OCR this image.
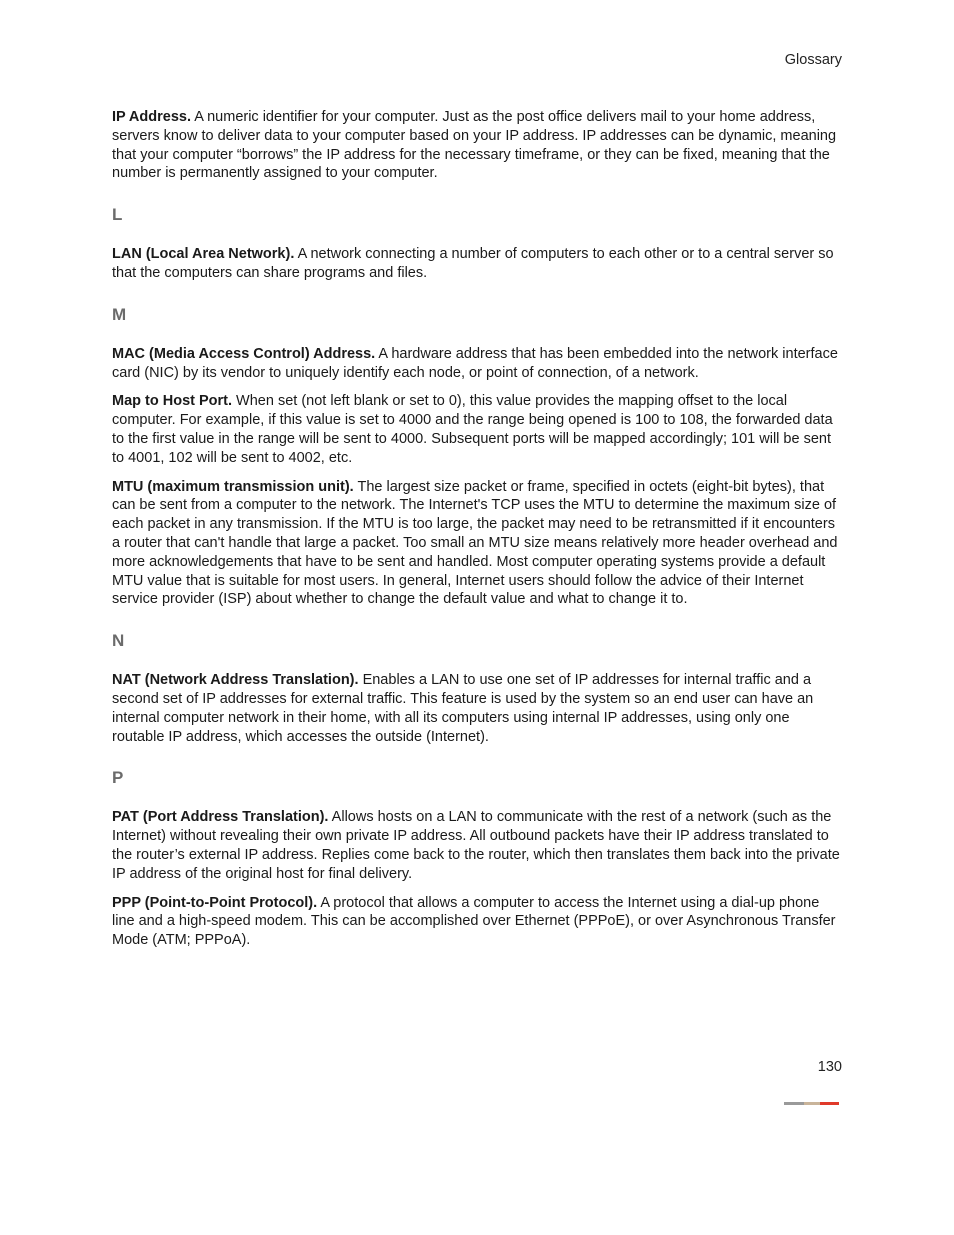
Glossary

IP Address. A numeric identifier for your computer. Just as the post office delivers mail to your home address, servers know to deliver data to your computer based on your IP address. IP addresses can be dynamic, meaning that your computer “borrows” the IP address for the necessary timeframe, or they can be fixed, meaning that the number is permanently assigned to your computer.

L

LAN (Local Area Network). A network connecting a number of computers to each other or to a central server so that the computers can share programs and files.

M

MAC (Media Access Control) Address. A hardware address that has been embedded into the network interface card (NIC) by its vendor to uniquely identify each node, or point of connection, of a network.

Map to Host Port. When set (not left blank or set to 0), this value provides the mapping offset to the local computer. For example, if this value is set to 4000 and the range being opened is 100 to 108, the forwarded data to the first value in the range will be sent to 4000. Subsequent ports will be mapped accordingly; 101 will be sent to 4001, 102 will be sent to 4002, etc.

MTU (maximum transmission unit). The largest size packet or frame, specified in octets (eight-bit bytes), that can be sent from a computer to the network. The Internet's TCP uses the MTU to determine the maximum size of each packet in any transmission. If the MTU is too large, the packet may need to be retransmitted if it encounters a router that can't handle that large a packet. Too small an MTU size means relatively more header overhead and more acknowledgements that have to be sent and handled. Most computer operating systems provide a default MTU value that is suitable for most users. In general, Internet users should follow the advice of their Internet service provider (ISP) about whether to change the default value and what to change it to.

N

NAT (Network Address Translation). Enables a LAN to use one set of IP addresses for internal traffic and a second set of IP addresses for external traffic. This feature is used by the system so an end user can have an internal computer network in their home, with all its computers using internal IP addresses, using only one routable IP address, which accesses the outside (Internet).

P

PAT (Port Address Translation). Allows hosts on a LAN to communicate with the rest of a network (such as the Internet) without revealing their own private IP address. All outbound packets have their IP address translated to the router’s external IP address. Replies come back to the router, which then translates them back into the private IP address of the original host for final delivery.

PPP (Point-to-Point Protocol). A protocol that allows a computer to access the Internet using a dial-up phone line and a high-speed modem. This can be accomplished over Ethernet (PPPoE), or over Asynchronous Transfer Mode (ATM; PPPoA).

130
